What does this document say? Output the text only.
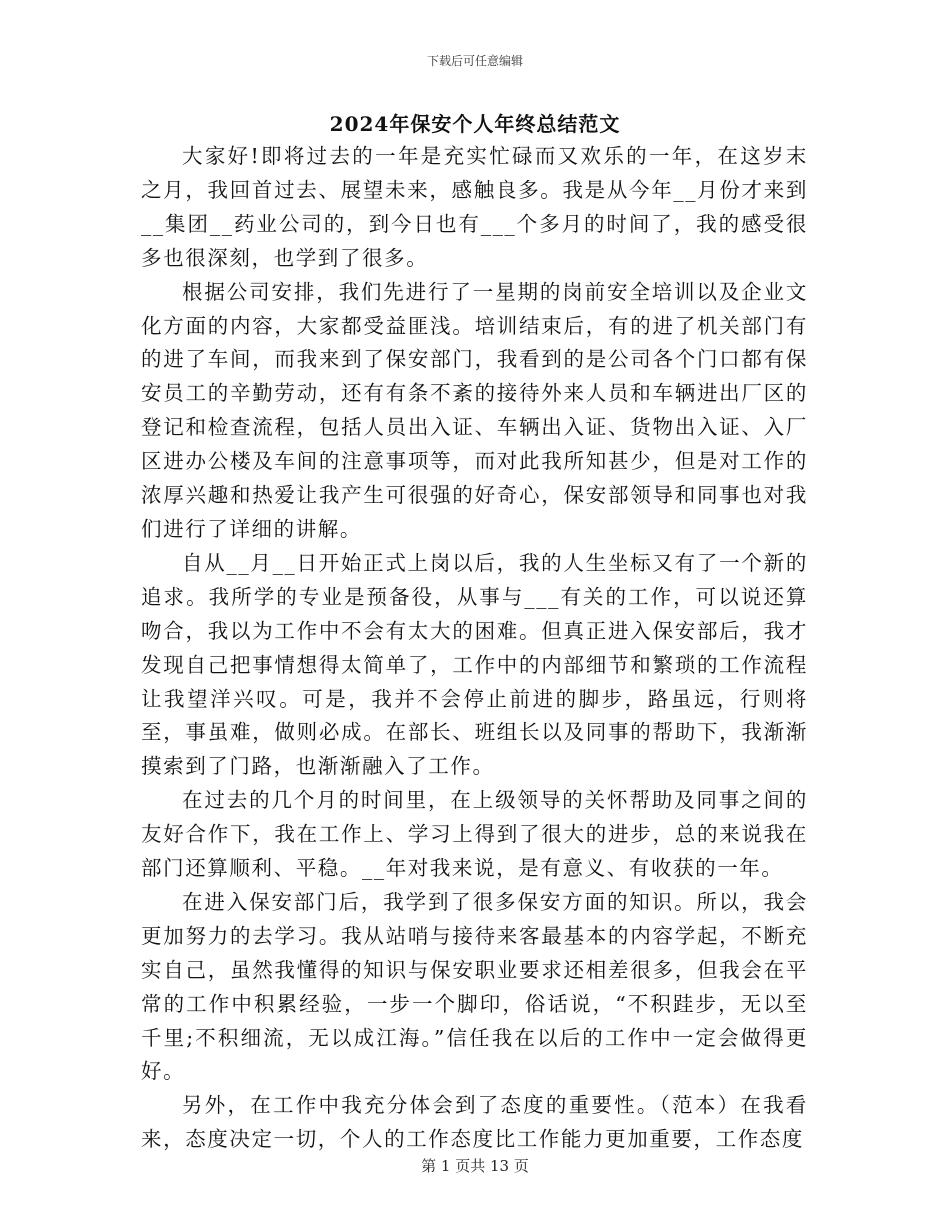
下载后可任意编辑
2024年保安个人年终总结范文

大家好!即将过去的一年是充实忙碌而又欢乐的一年，在这岁末之月，我回首过去、展望未来，感触良多。我是从今年__月份才来到__集团__药业公司的，到今日也有___个多月的时间了，我的感受很多也很深刻，也学到了很多。

根据公司安排，我们先进行了一星期的岗前安全培训以及企业文化方面的内容，大家都受益匪浅。培训结束后，有的进了机关部门有的进了车间，而我来到了保安部门，我看到的是公司各个门口都有保安员工的辛勤劳动，还有有条不紊的接待外来人员和车辆进出厂区的登记和检查流程，包括人员出入证、车辆出入证、货物出入证、入厂区进办公楼及车间的注意事项等，而对此我所知甚少，但是对工作的浓厚兴趣和热爱让我产生可很强的好奇心，保安部领导和同事也对我们进行了详细的讲解。

自从__月__日开始正式上岗以后，我的人生坐标又有了一个新的追求。我所学的专业是预备役，从事与___有关的工作，可以说还算吻合，我以为工作中不会有太大的困难。但真正进入保安部后，我才发现自己把事情想得太简单了，工作中的内部细节和繁琐的工作流程让我望洋兴叹。可是，我并不会停止前进的脚步，路虽远，行则将至，事虽难，做则必成。在部长、班组长以及同事的帮助下，我渐渐摸索到了门路，也渐渐融入了工作。

在过去的几个月的时间里，在上级领导的关怀帮助及同事之间的友好合作下，我在工作上、学习上得到了很大的进步，总的来说我在部门还算顺利、平稳。__年对我来说，是有意义、有收获的一年。

在进入保安部门后，我学到了很多保安方面的知识。所以，我会更加努力的去学习。我从站哨与接待来客最基本的内容学起，不断充实自己，虽然我懂得的知识与保安职业要求还相差很多，但我会在平常的工作中积累经验，一步一个脚印，俗话说，“不积跬步，无以至千里;不积细流，无以成江海。”信任我在以后的工作中一定会做得更好。

另外，在工作中我充分体会到了态度的重要性。（范本）在我看来，态度决定一切，个人的工作态度比工作能力更加重要，工作态度

第 1 页共 13 页
